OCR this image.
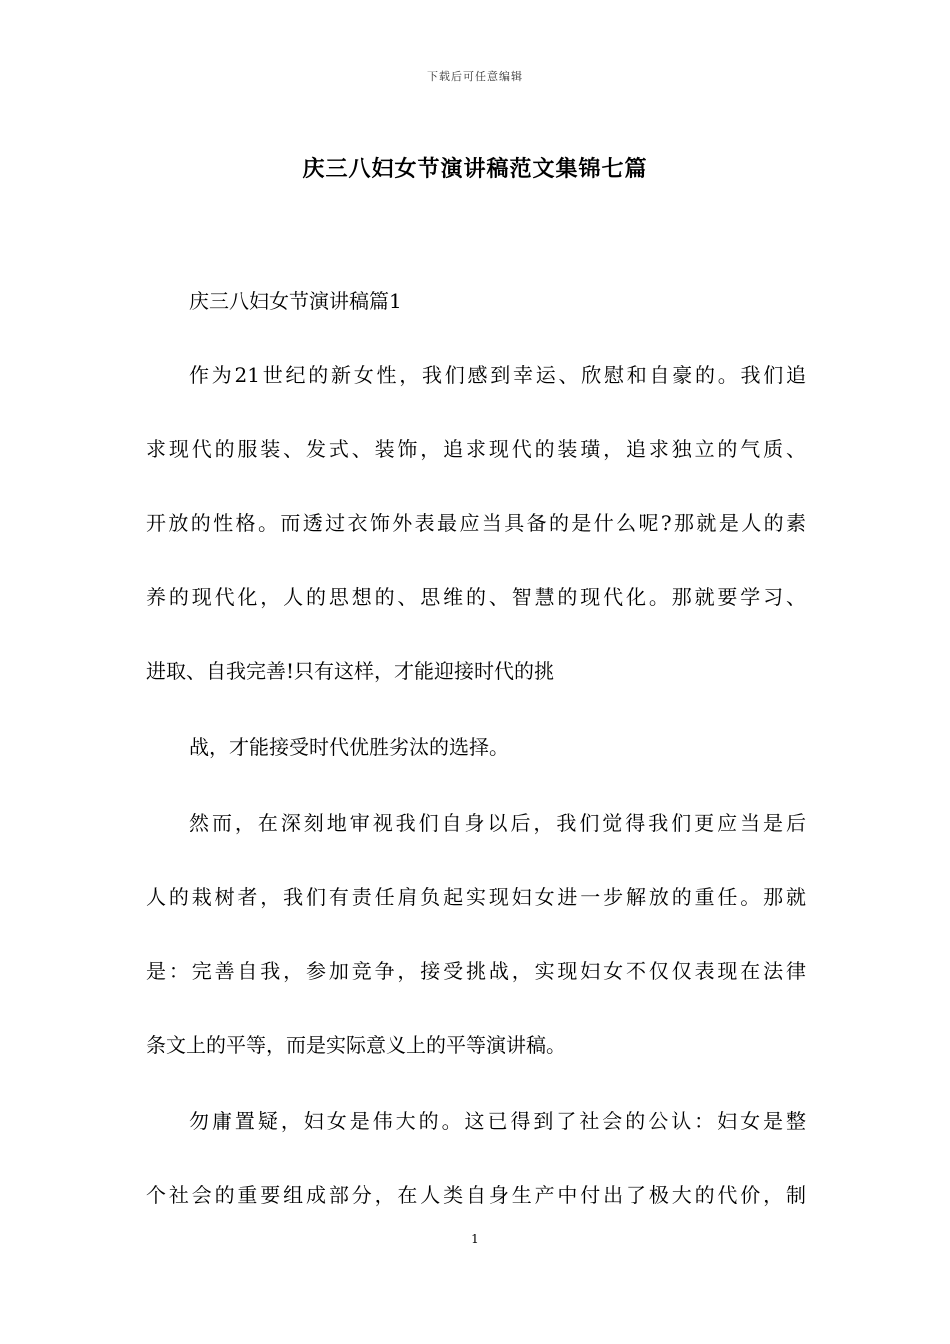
下载后可任意编辑
庆三八妇女节演讲稿范文集锦七篇
庆三八妇女节演讲稿篇1
作为21世纪的新女性，我们感到幸运、欣慰和自豪的。我们追
求现代的服装、发式、装饰，追求现代的装璜，追求独立的气质、
开放的性格。而透过衣饰外表最应当具备的是什么呢?那就是人的素
养的现代化，人的思想的、思维的、智慧的现代化。那就要学习、
进取、自我完善!只有这样，才能迎接时代的挑
战，才能接受时代优胜劣汰的选择。
然而，在深刻地审视我们自身以后，我们觉得我们更应当是后
人的栽树者，我们有责任肩负起实现妇女进一步解放的重任。那就
是：完善自我，参加竞争，接受挑战，实现妇女不仅仅表现在法律
条文上的平等，而是实际意义上的平等演讲稿。
勿庸置疑，妇女是伟大的。这已得到了社会的公认：妇女是整
个社会的重要组成部分，在人类自身生产中付出了极大的代价，制
1
